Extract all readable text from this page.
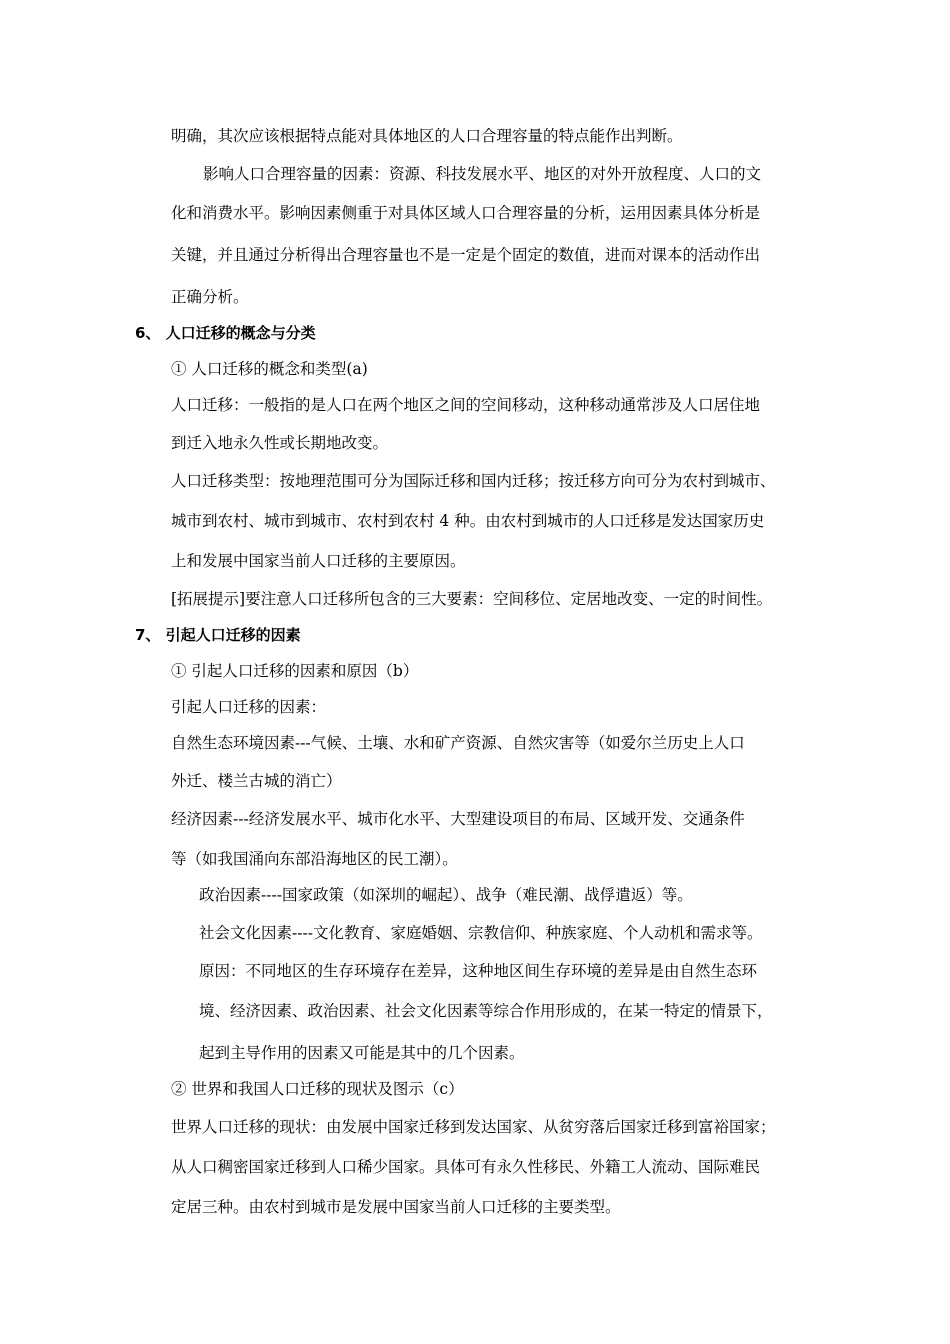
明确，其次应该根据特点能对具体地区的人口合理容量的特点能作出判断。
影响人口合理容量的因素：资源、科技发展水平、地区的对外开放程度、人口的文
化和消费水平。影响因素侧重于对具体区域人口合理容量的分析，运用因素具体分析是
关键，并且通过分析得出合理容量也不是一定是个固定的数值，进而对课本的活动作出
正确分析。
6、 人口迁移的概念与分类
① 人口迁移的概念和类型(a)
人口迁移：一般指的是人口在两个地区之间的空间移动，这种移动通常涉及人口居住地
到迁入地永久性或长期地改变。
人口迁移类型：按地理范围可分为国际迁移和国内迁移；按迁移方向可分为农村到城市、
城市到农村、城市到城市、农村到农村 4 种。由农村到城市的人口迁移是发达国家历史
上和发展中国家当前人口迁移的主要原因。
[拓展提示]要注意人口迁移所包含的三大要素：空间移位、定居地改变、一定的时间性。
7、 引起人口迁移的因素
① 引起人口迁移的因素和原因（b）
引起人口迁移的因素：
自然生态环境因素---气候、土壤、水和矿产资源、自然灾害等（如爱尔兰历史上人口
外迁、楼兰古城的消亡）
经济因素---经济发展水平、城市化水平、大型建设项目的布局、区域开发、交通条件
等（如我国涌向东部沿海地区的民工潮）。
政治因素----国家政策（如深圳的崛起）、战争（难民潮、战俘遣返）等。
社会文化因素----文化教育、家庭婚姻、宗教信仰、种族家庭、个人动机和需求等。
原因：不同地区的生存环境存在差异，这种地区间生存环境的差异是由自然生态环
境、经济因素、政治因素、社会文化因素等综合作用形成的，在某一特定的情景下，
起到主导作用的因素又可能是其中的几个因素。
② 世界和我国人口迁移的现状及图示（c）
世界人口迁移的现状：由发展中国家迁移到发达国家、从贫穷落后国家迁移到富裕国家；
从人口稠密国家迁移到人口稀少国家。具体可有永久性移民、外籍工人流动、国际难民
定居三种。由农村到城市是发展中国家当前人口迁移的主要类型。
